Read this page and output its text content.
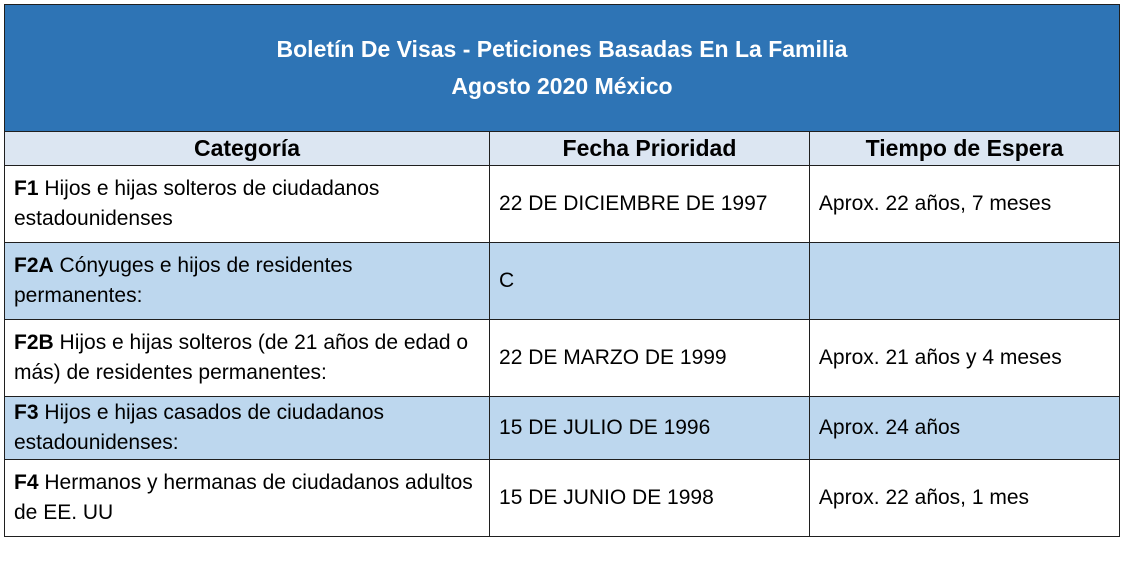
Boletín De Visas - Peticiones Basadas En La Familia
Agosto 2020 México
Categoría	Fecha Prioridad	Tiempo de Espera
F1 Hijos e hijas solteros de ciudadanos estadounidenses	22 DE DICIEMBRE DE 1997	Aprox. 22 años, 7 meses
F2A Cónyuges e hijos de residentes permanentes:	C	
F2B Hijos e hijas solteros (de 21 años de edad o más) de residentes permanentes:	22 DE MARZO DE 1999	Aprox. 21 años y 4 meses
F3 Hijos e hijas casados de ciudadanos estadounidenses:	15 DE JULIO DE 1996	Aprox. 24 años
F4 Hermanos y hermanas de ciudadanos adultos de EE. UU	15 DE JUNIO DE 1998	Aprox. 22 años, 1 mes
